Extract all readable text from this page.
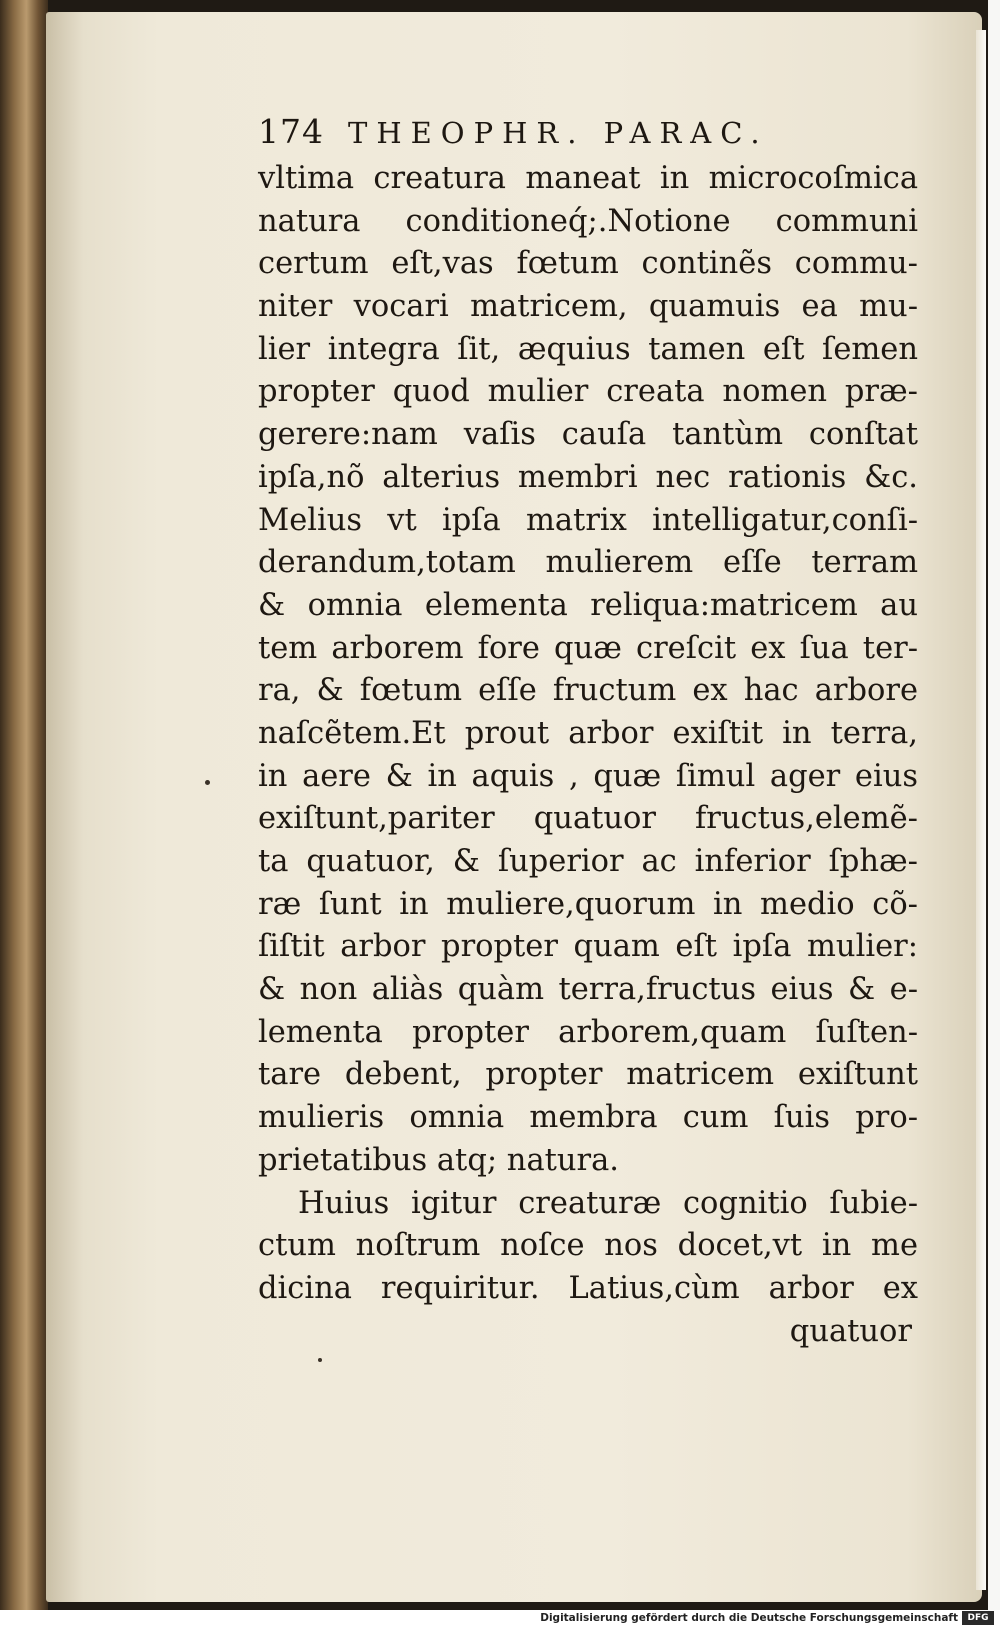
174 THEOPHR. PARAC.
vltima creatura maneat in microcoſmica
natura conditioneq́;.Notione communi
certum eſt,vas fœtum continẽs commu-
niter vocari matricem, quamuis ea mu-
lier integra ſit, æquius tamen eſt ſemen
propter quod mulier creata nomen præ-
gerere:nam vaſis cauſa tantùm conſtat
ipſa,nõ alterius membri nec rationis &c.
Melius vt ipſa matrix intelligatur,conſi-
derandum,totam mulierem eſſe terram
& omnia elementa reliqua:matricem au
tem arborem fore quæ creſcit ex ſua ter-
ra, & fœtum eſſe fructum ex hac arbore
naſcẽtem.Et prout arbor exiſtit in terra,
in aere & in aquis , quæ ſimul ager eius
exiſtunt,pariter quatuor fructus,elemẽ-
ta quatuor, & ſuperior ac inferior ſphæ-
ræ ſunt in muliere,quorum in medio cõ-
ſiſtit arbor propter quam eſt ipſa mulier:
& non aliàs quàm terra,fructus eius & e-
lementa propter arborem,quam ſuſten-
tare debent, propter matricem exiſtunt
mulieris omnia membra cum ſuis pro-
prietatibus atq; natura.
Huius igitur creaturæ cognitio ſubie-
ctum noſtrum noſce nos docet,vt in me
dicina requiritur. Latius,cùm arbor ex
quatuor
Digitalisierung gefördert durch die Deutsche Forschungsgemeinschaft	DFG
